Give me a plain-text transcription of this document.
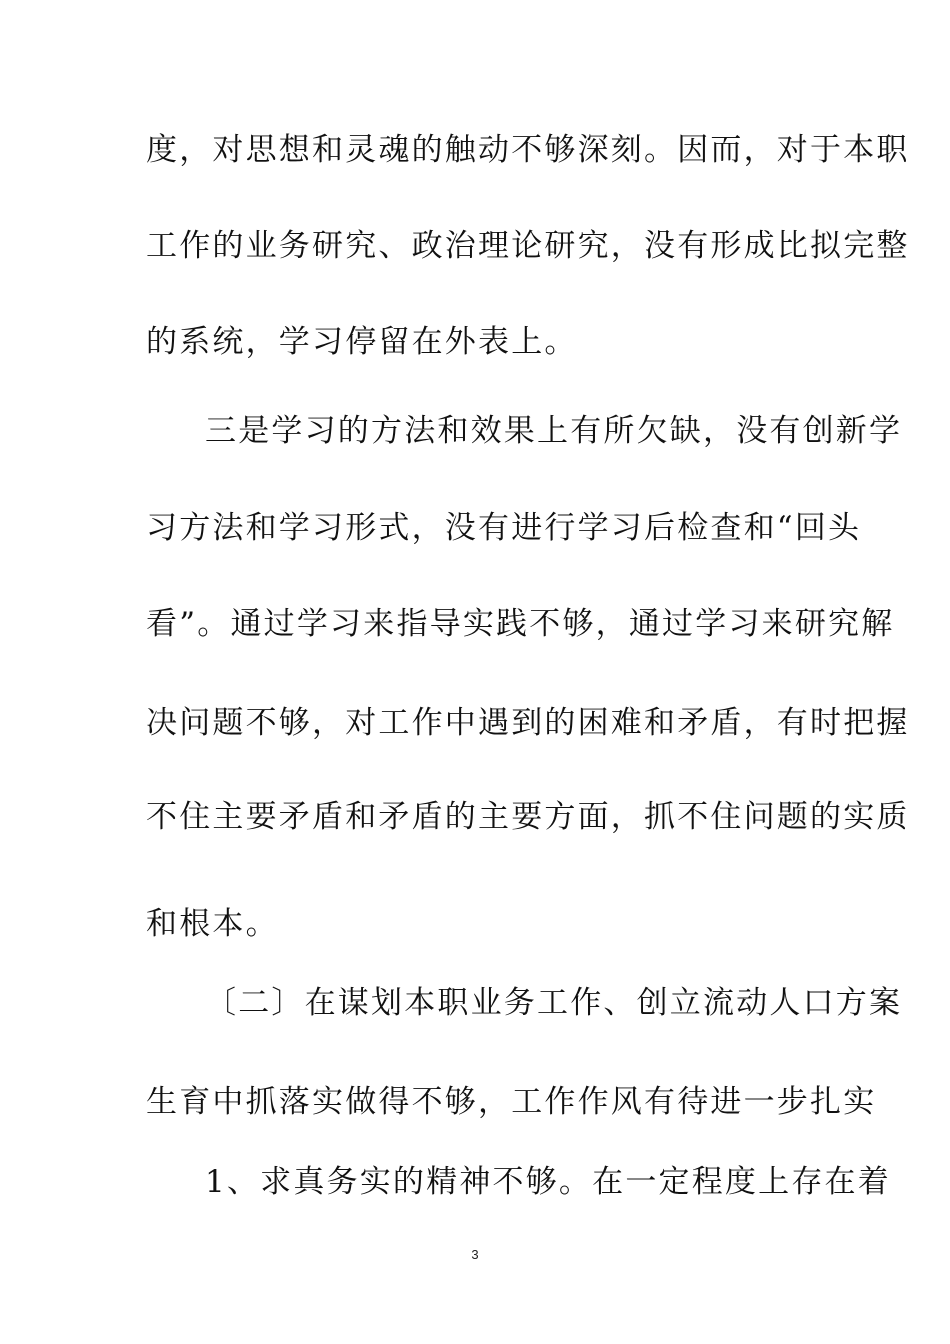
度，对思想和灵魂的触动不够深刻。因而，对于本职
工作的业务研究、政治理论研究，没有形成比拟完整
的系统，学习停留在外表上。
三是学习的方法和效果上有所欠缺，没有创新学
习方法和学习形式，没有进行学习后检查和“回头
看”。通过学习来指导实践不够，通过学习来研究解
决问题不够，对工作中遇到的困难和矛盾，有时把握
不住主要矛盾和矛盾的主要方面，抓不住问题的实质
和根本。
〔二〕在谋划本职业务工作、创立流动人口方案
生育中抓落实做得不够，工作作风有待进一步扎实
1、求真务实的精神不够。在一定程度上存在着
3
